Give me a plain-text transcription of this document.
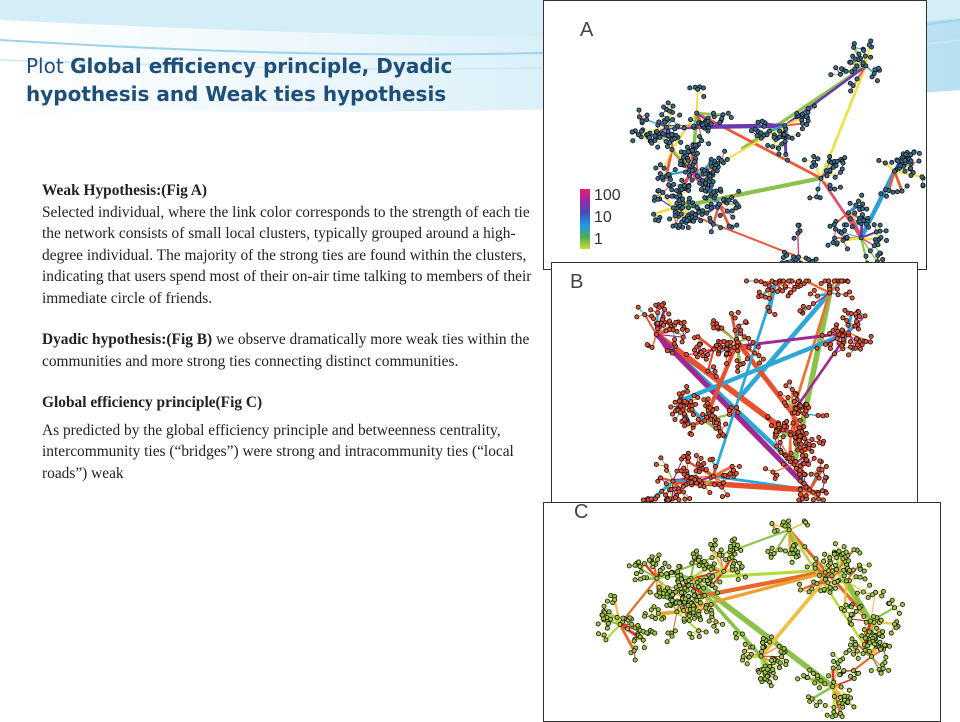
Plot Global efficiency principle, Dyadic hypothesis and Weak ties hypothesis

Weak Hypothesis:(Fig A)
Selected individual, where the link color corresponds to the strength of each tie the network consists of small local clusters, typically grouped around a high-degree individual. The majority of the strong ties are found within the clusters, indicating that users spend most of their on-air time talking to members of their immediate circle of friends.

Dyadic hypothesis:(Fig B) we observe dramatically more weak ties within the communities and more strong ties connecting distinct communities.

Global efficiency principle(Fig C)

As predicted by the global efficiency principle and betweenness centrality, intercommunity ties (“bridges”) were strong and intracommunity ties (“local roads”) weak

A
100
10
1
B
C
